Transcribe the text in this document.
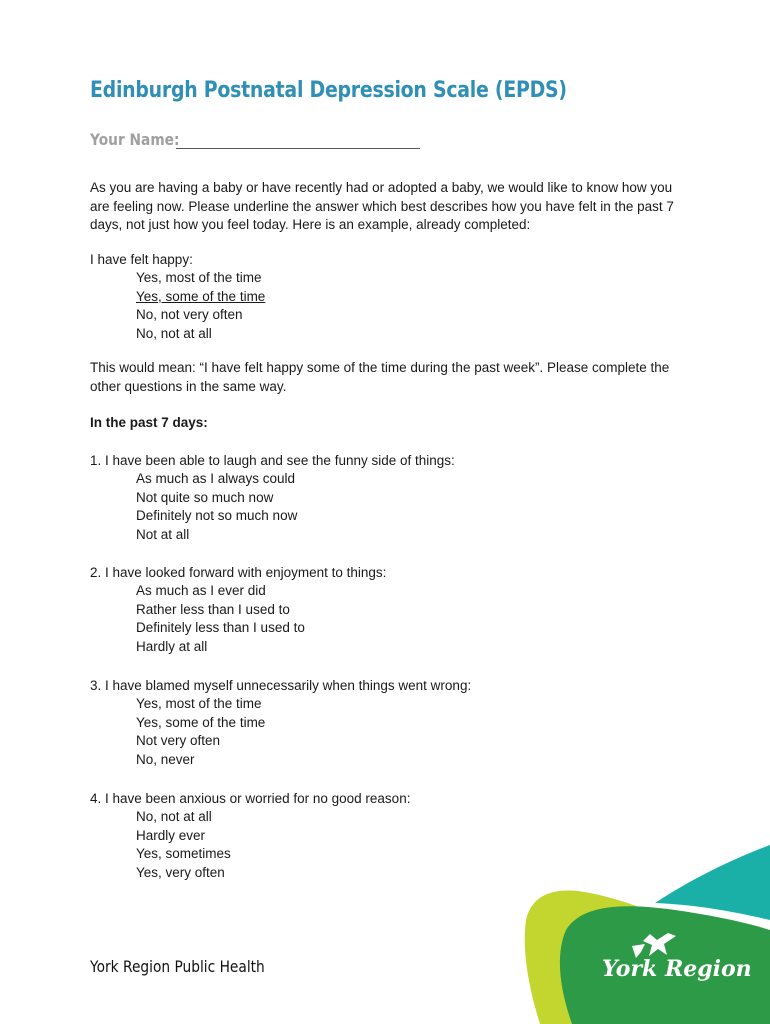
Edinburgh Postnatal Depression Scale (EPDS)
Your Name:
As you are having a baby or have recently had or adopted a baby, we would like to know how you are feeling now. Please underline the answer which best describes how you have felt in the past 7 days, not just how you feel today. Here is an example, already completed:
I have felt happy:
Yes, most of the time
Yes, some of the time
No, not very often
No, not at all
This would mean: “I have felt happy some of the time during the past week”. Please complete the other questions in the same way.
In the past 7 days:
1. I have been able to laugh and see the funny side of things:
As much as I always could
Not quite so much now
Definitely not so much now
Not at all
2. I have looked forward with enjoyment to things:
As much as I ever did
Rather less than I used to
Definitely less than I used to
Hardly at all
3. I have blamed myself unnecessarily when things went wrong:
Yes, most of the time
Yes, some of the time
Not very often
No, never
4. I have been anxious or worried for no good reason:
No, not at all
Hardly ever
Yes, sometimes
Yes, very often
York Region Public Health	York Region
